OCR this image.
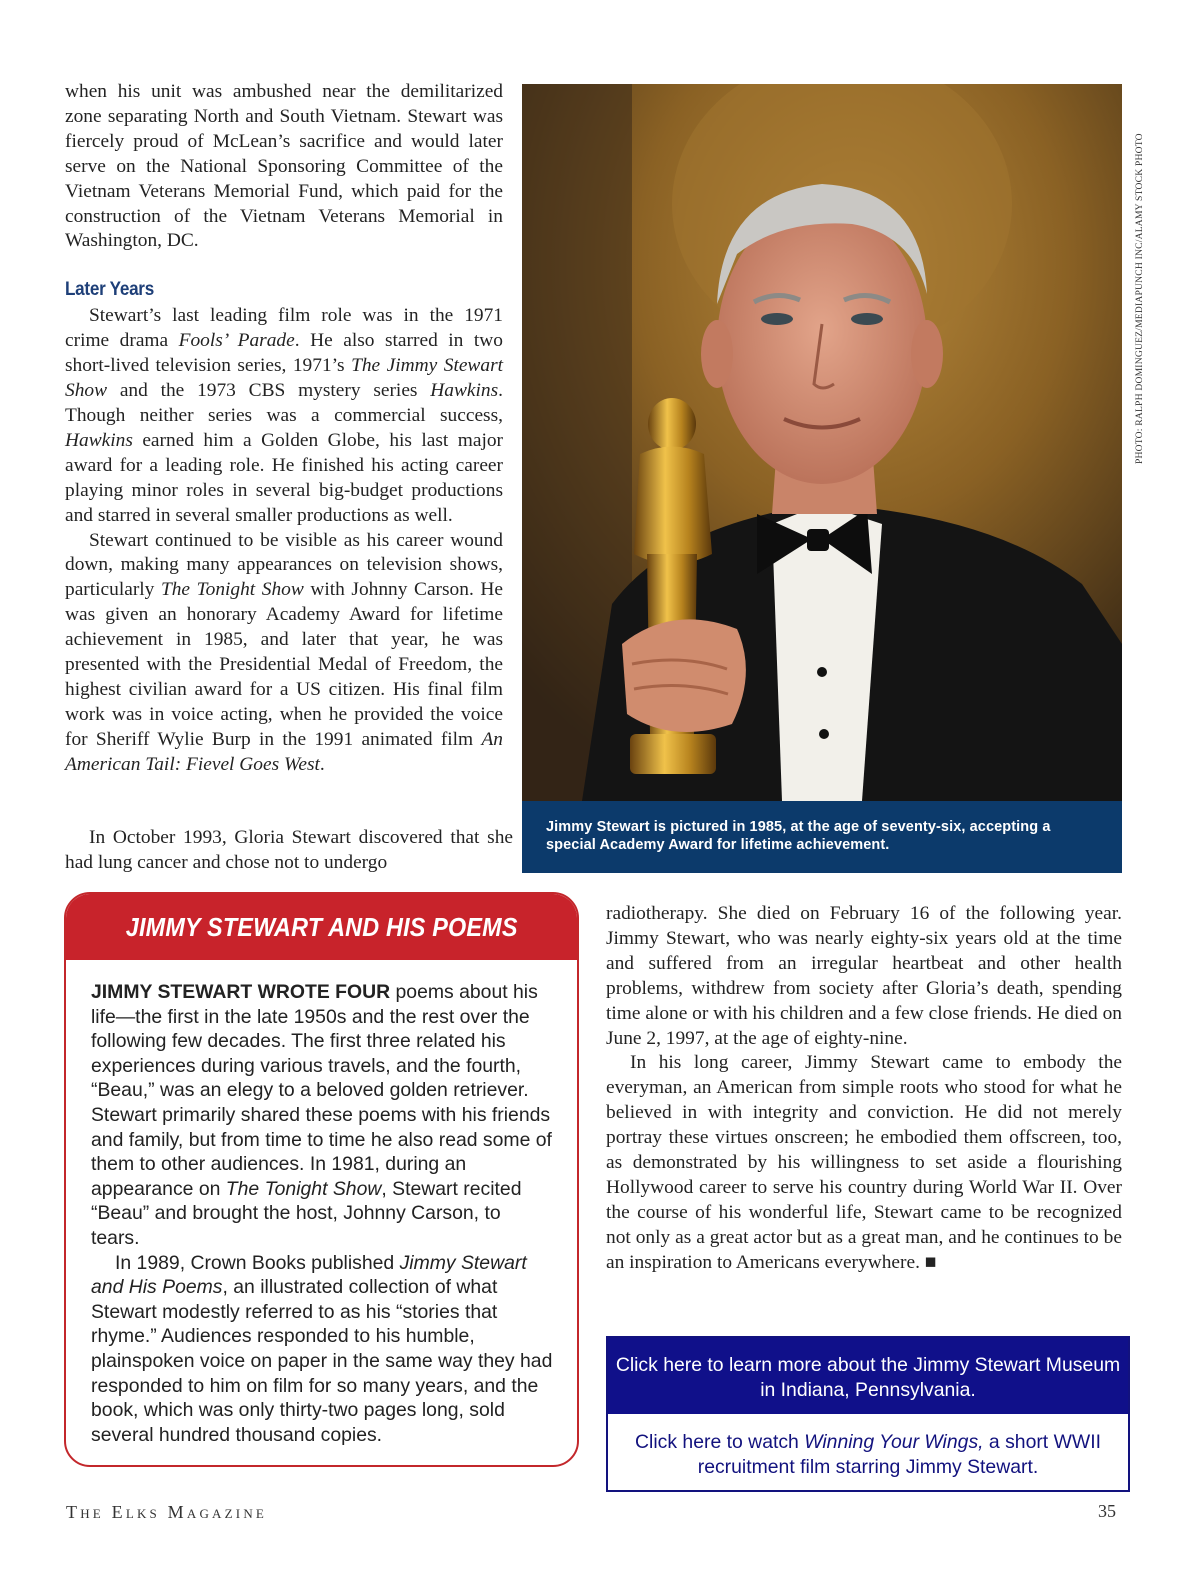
when his unit was ambushed near the demilitarized zone separating North and South Vietnam. Stewart was fiercely proud of McLean’s sacrifice and would later serve on the National Sponsoring Committee of the Vietnam Veterans Memorial Fund, which paid for the construction of the Vietnam Veterans Memorial in Washington, DC.

Later Years

Stewart’s last leading film role was in the 1971 crime drama Fools’ Parade. He also starred in two short-lived television series, 1971’s The Jimmy Stewart Show and the 1973 CBS mystery series Hawkins. Though neither series was a commercial success, Hawkins earned him a Golden Globe, his last major award for a leading role. He finished his acting career playing minor roles in several big-budget productions and starred in several smaller productions as well.

Stewart continued to be visible as his career wound down, making many appearances on television shows, particularly The Tonight Show with Johnny Carson. He was given an honorary Academy Award for lifetime achievement in 1985, and later that year, he was presented with the Presidential Medal of Freedom, the highest civilian award for a US citizen. His final film work was in voice acting, when he provided the voice for Sheriff Wylie Burp in the 1991 animated film An American Tail: Fievel Goes West.

In October 1993, Gloria Stewart discovered that she had lung cancer and chose not to undergo

Jimmy Stewart is pictured in 1985, at the age of seventy-six, accepting a special Academy Award for lifetime achievement.
PHOTO: RALPH DOMINGUEZ/MEDIAPUNCH INC/ALAMY STOCK PHOTO
JIMMY STEWART AND HIS POEMS

JIMMY STEWART WROTE FOUR poems about his life—the first in the late 1950s and the rest over the following few decades. The first three related his experiences during various travels, and the fourth, “Beau,” was an elegy to a beloved golden retriever. Stewart primarily shared these poems with his friends and family, but from time to time he also read some of them to other audiences. In 1981, during an appearance on The Tonight Show, Stewart recited “Beau” and brought the host, Johnny Carson, to tears.

In 1989, Crown Books published Jimmy Stewart and His Poems, an illustrated collection of what Stewart modestly referred to as his “stories that rhyme.” Audiences responded to his humble, plainspoken voice on paper in the same way they had responded to him on film for so many years, and the book, which was only thirty-two pages long, sold several hundred thousand copies.

radiotherapy. She died on February 16 of the following year. Jimmy Stewart, who was nearly eighty-six years old at the time and suffered from an irregular heartbeat and other health problems, withdrew from society after Gloria’s death, spending time alone or with his children and a few close friends. He died on June 2, 1997, at the age of eighty-nine.

In his long career, Jimmy Stewart came to embody the everyman, an American from simple roots who stood for what he believed in with integrity and conviction. He did not merely portray these virtues onscreen; he embodied them offscreen, too, as demonstrated by his willingness to set aside a flourishing Hollywood career to serve his country during World War II. Over the course of his wonderful life, Stewart came to be recognized not only as a great actor but as a great man, and he continues to be an inspiration to Americans everywhere. ■

Click here to learn more about the Jimmy Stewart Museum in Indiana, Pennsylvania.
Click here to watch Winning Your Wings, a short WWII recruitment film starring Jimmy Stewart.
The Elks Magazine	35
